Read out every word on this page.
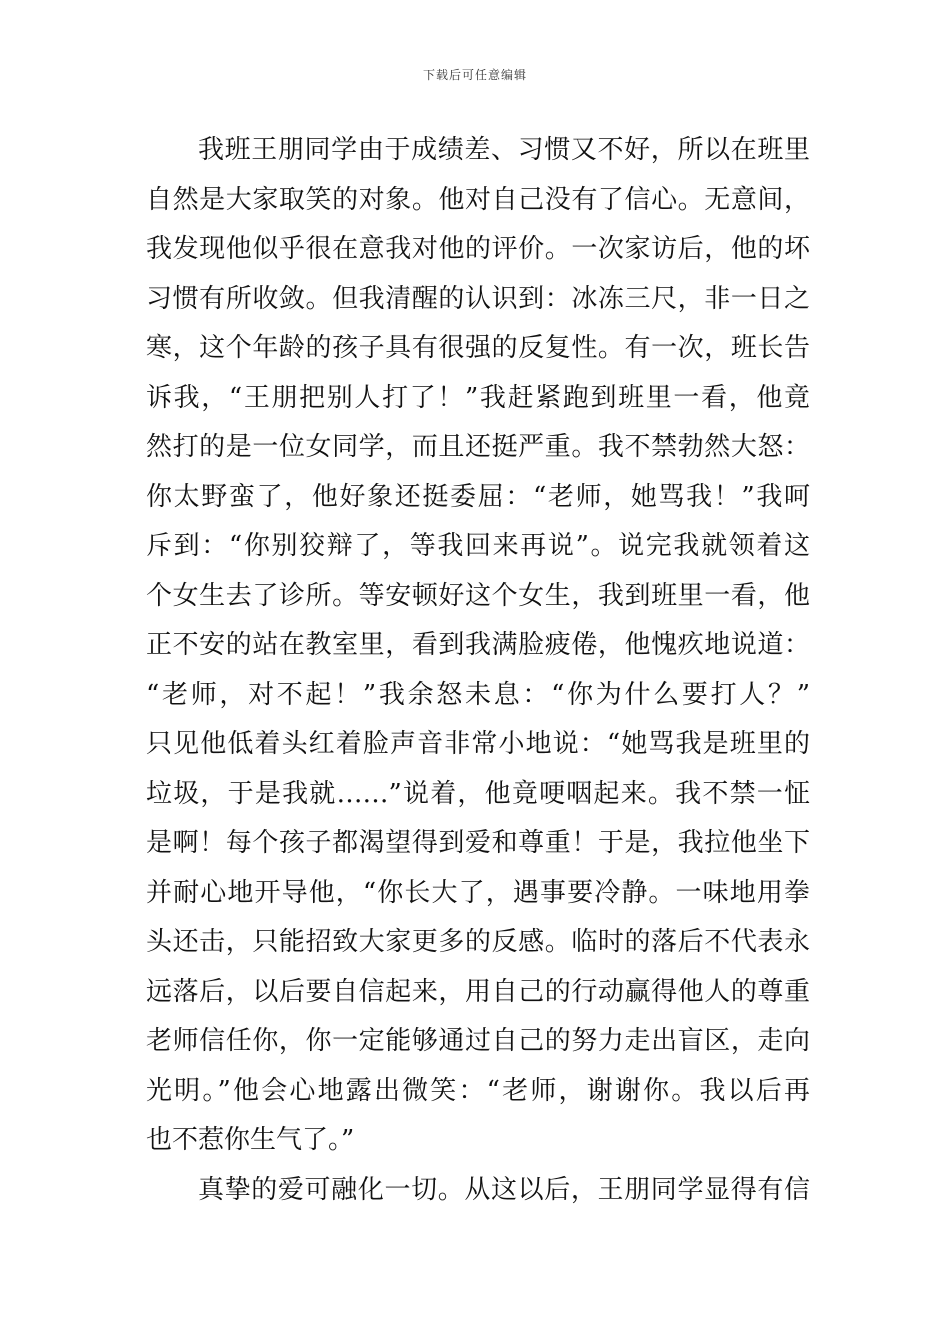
下载后可任意编辑
我班王朋同学由于成绩差、习惯又不好，所以在班里
自然是大家取笑的对象。他对自己没有了信心。无意间，
我发现他似乎很在意我对他的评价。一次家访后，他的坏
习惯有所收敛。但我清醒的认识到：冰冻三尺，非一日之
寒，这个年龄的孩子具有很强的反复性。有一次，班长告
诉我，“王朋把别人打了！”我赶紧跑到班里一看，他竟
然打的是一位女同学，而且还挺严重。我不禁勃然大怒：
你太野蛮了，他好象还挺委屈：“老师，她骂我！”我呵
斥到：“你别狡辩了，等我回来再说”。说完我就领着这
个女生去了诊所。等安顿好这个女生，我到班里一看，他
正不安的站在教室里，看到我满脸疲倦，他愧疚地说道：
“老师，对不起！”我余怒未息：“你为什么要打人？”
只见他低着头红着脸声音非常小地说：“她骂我是班里的
垃圾，于是我就……”说着，他竟哽咽起来。我不禁一怔
是啊！每个孩子都渴望得到爱和尊重！于是，我拉他坐下
并耐心地开导他，“你长大了，遇事要冷静。一味地用拳
头还击，只能招致大家更多的反感。临时的落后不代表永
远落后，以后要自信起来，用自己的行动赢得他人的尊重
老师信任你，你一定能够通过自己的努力走出盲区，走向
光明。”他会心地露出微笑：“老师，谢谢你。我以后再
也不惹你生气了。”
真挚的爱可融化一切。从这以后，王朋同学显得有信
